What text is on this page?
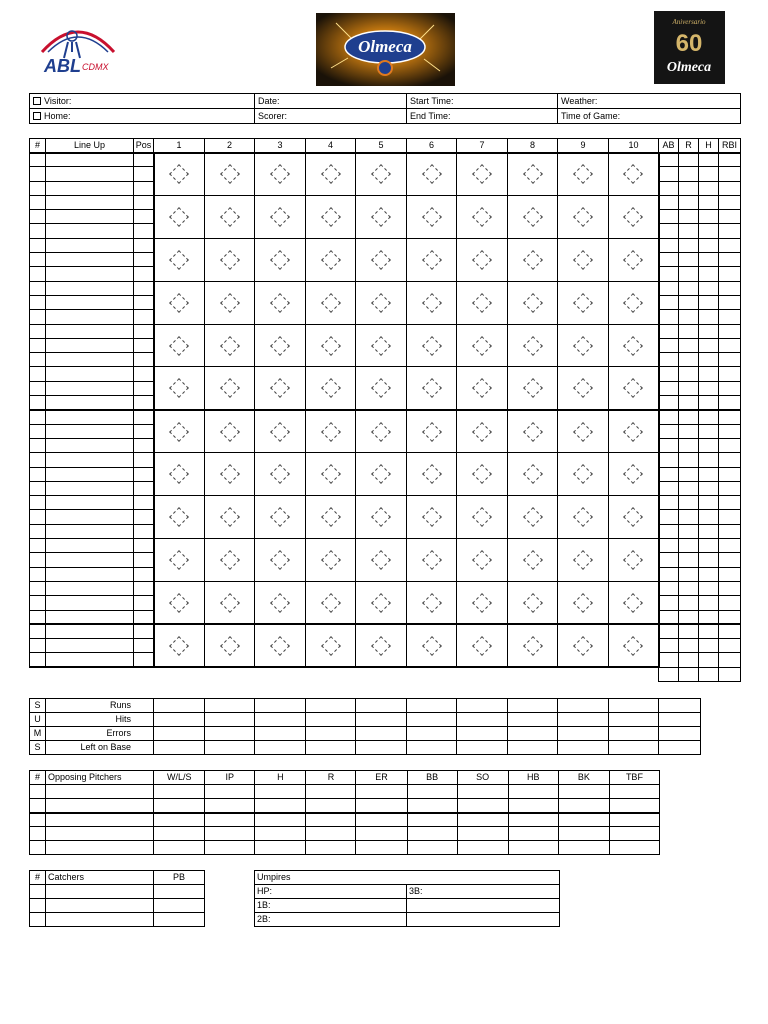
ABL CDMX
Olmeca
Aniversario
60
Olmeca
Visitor:	Date:	Start Time:	Weather:
Home:	Scorer:	End Time:	Time of Game:
#	Line Up	Pos	1	2	3	4	5	6	7	8	9	10	AB	R	H	RBI

S	Runs											
U	Hits											
M	Errors											
S	Left on Base											
#	Opposing Pitchers	W/L/S	IP	H	R	ER	BB	SO	HB	BK	TBF

#	Catchers	PB

			Umpires	
HP:	3B:
1B:	
2B:	
